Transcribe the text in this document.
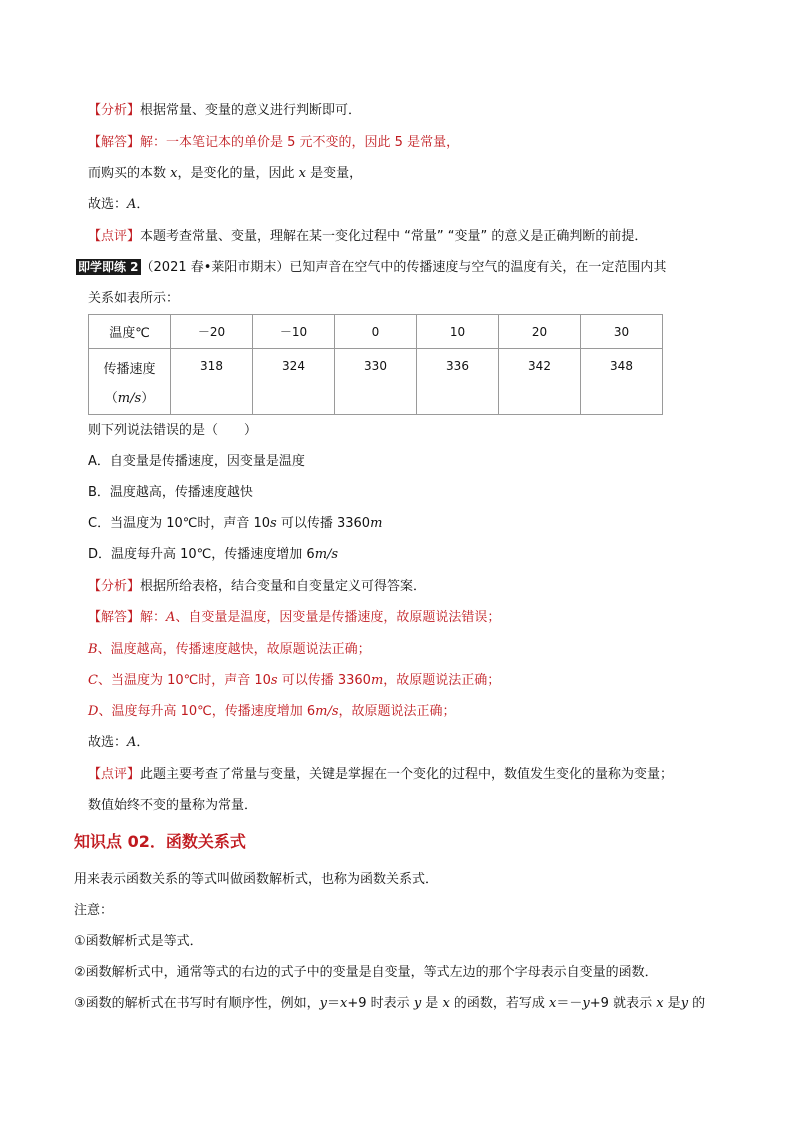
【分析】根据常量、变量的意义进行判断即可．
【解答】解：一本笔记本的单价是 5 元不变的，因此 5 是常量，
而购买的本数 x，是变化的量，因此 x 是变量，
故选：A．
【点评】本题考查常量、变量，理解在某一变化过程中 “常量” “变量” 的意义是正确判断的前提．
即学即练 2 （2021 春•莱阳市期末）已知声音在空气中的传播速度与空气的温度有关，在一定范围内其
关系如表所示：
温度℃	－20	－10	0	10	20	30

传播速度
（m/s）	318	324	330	336	342	348
则下列说法错误的是（　　）
A．自变量是传播速度，因变量是温度
B．温度越高，传播速度越快
C．当温度为 10℃时，声音 10s 可以传播 3360m
D．温度每升高 10℃，传播速度增加 6m/s
【分析】根据所给表格，结合变量和自变量定义可得答案．
【解答】解：A、自变量是温度，因变量是传播速度，故原题说法错误；
B、温度越高，传播速度越快，故原题说法正确；
C、当温度为 10℃时，声音 10s 可以传播 3360m，故原题说法正确；
D、温度每升高 10℃，传播速度增加 6m/s，故原题说法正确；
故选：A．
【点评】此题主要考查了常量与变量，关键是掌握在一个变化的过程中，数值发生变化的量称为变量；
数值始终不变的量称为常量．
知识点 02．函数关系式
用来表示函数关系的等式叫做函数解析式，也称为函数关系式．
注意：
①函数解析式是等式．
②函数解析式中，通常等式的右边的式子中的变量是自变量，等式左边的那个字母表示自变量的函数．
③函数的解析式在书写时有顺序性，例如，y＝x+9 时表示 y 是 x 的函数，若写成 x＝－y+9 就表示 x 是y 的
